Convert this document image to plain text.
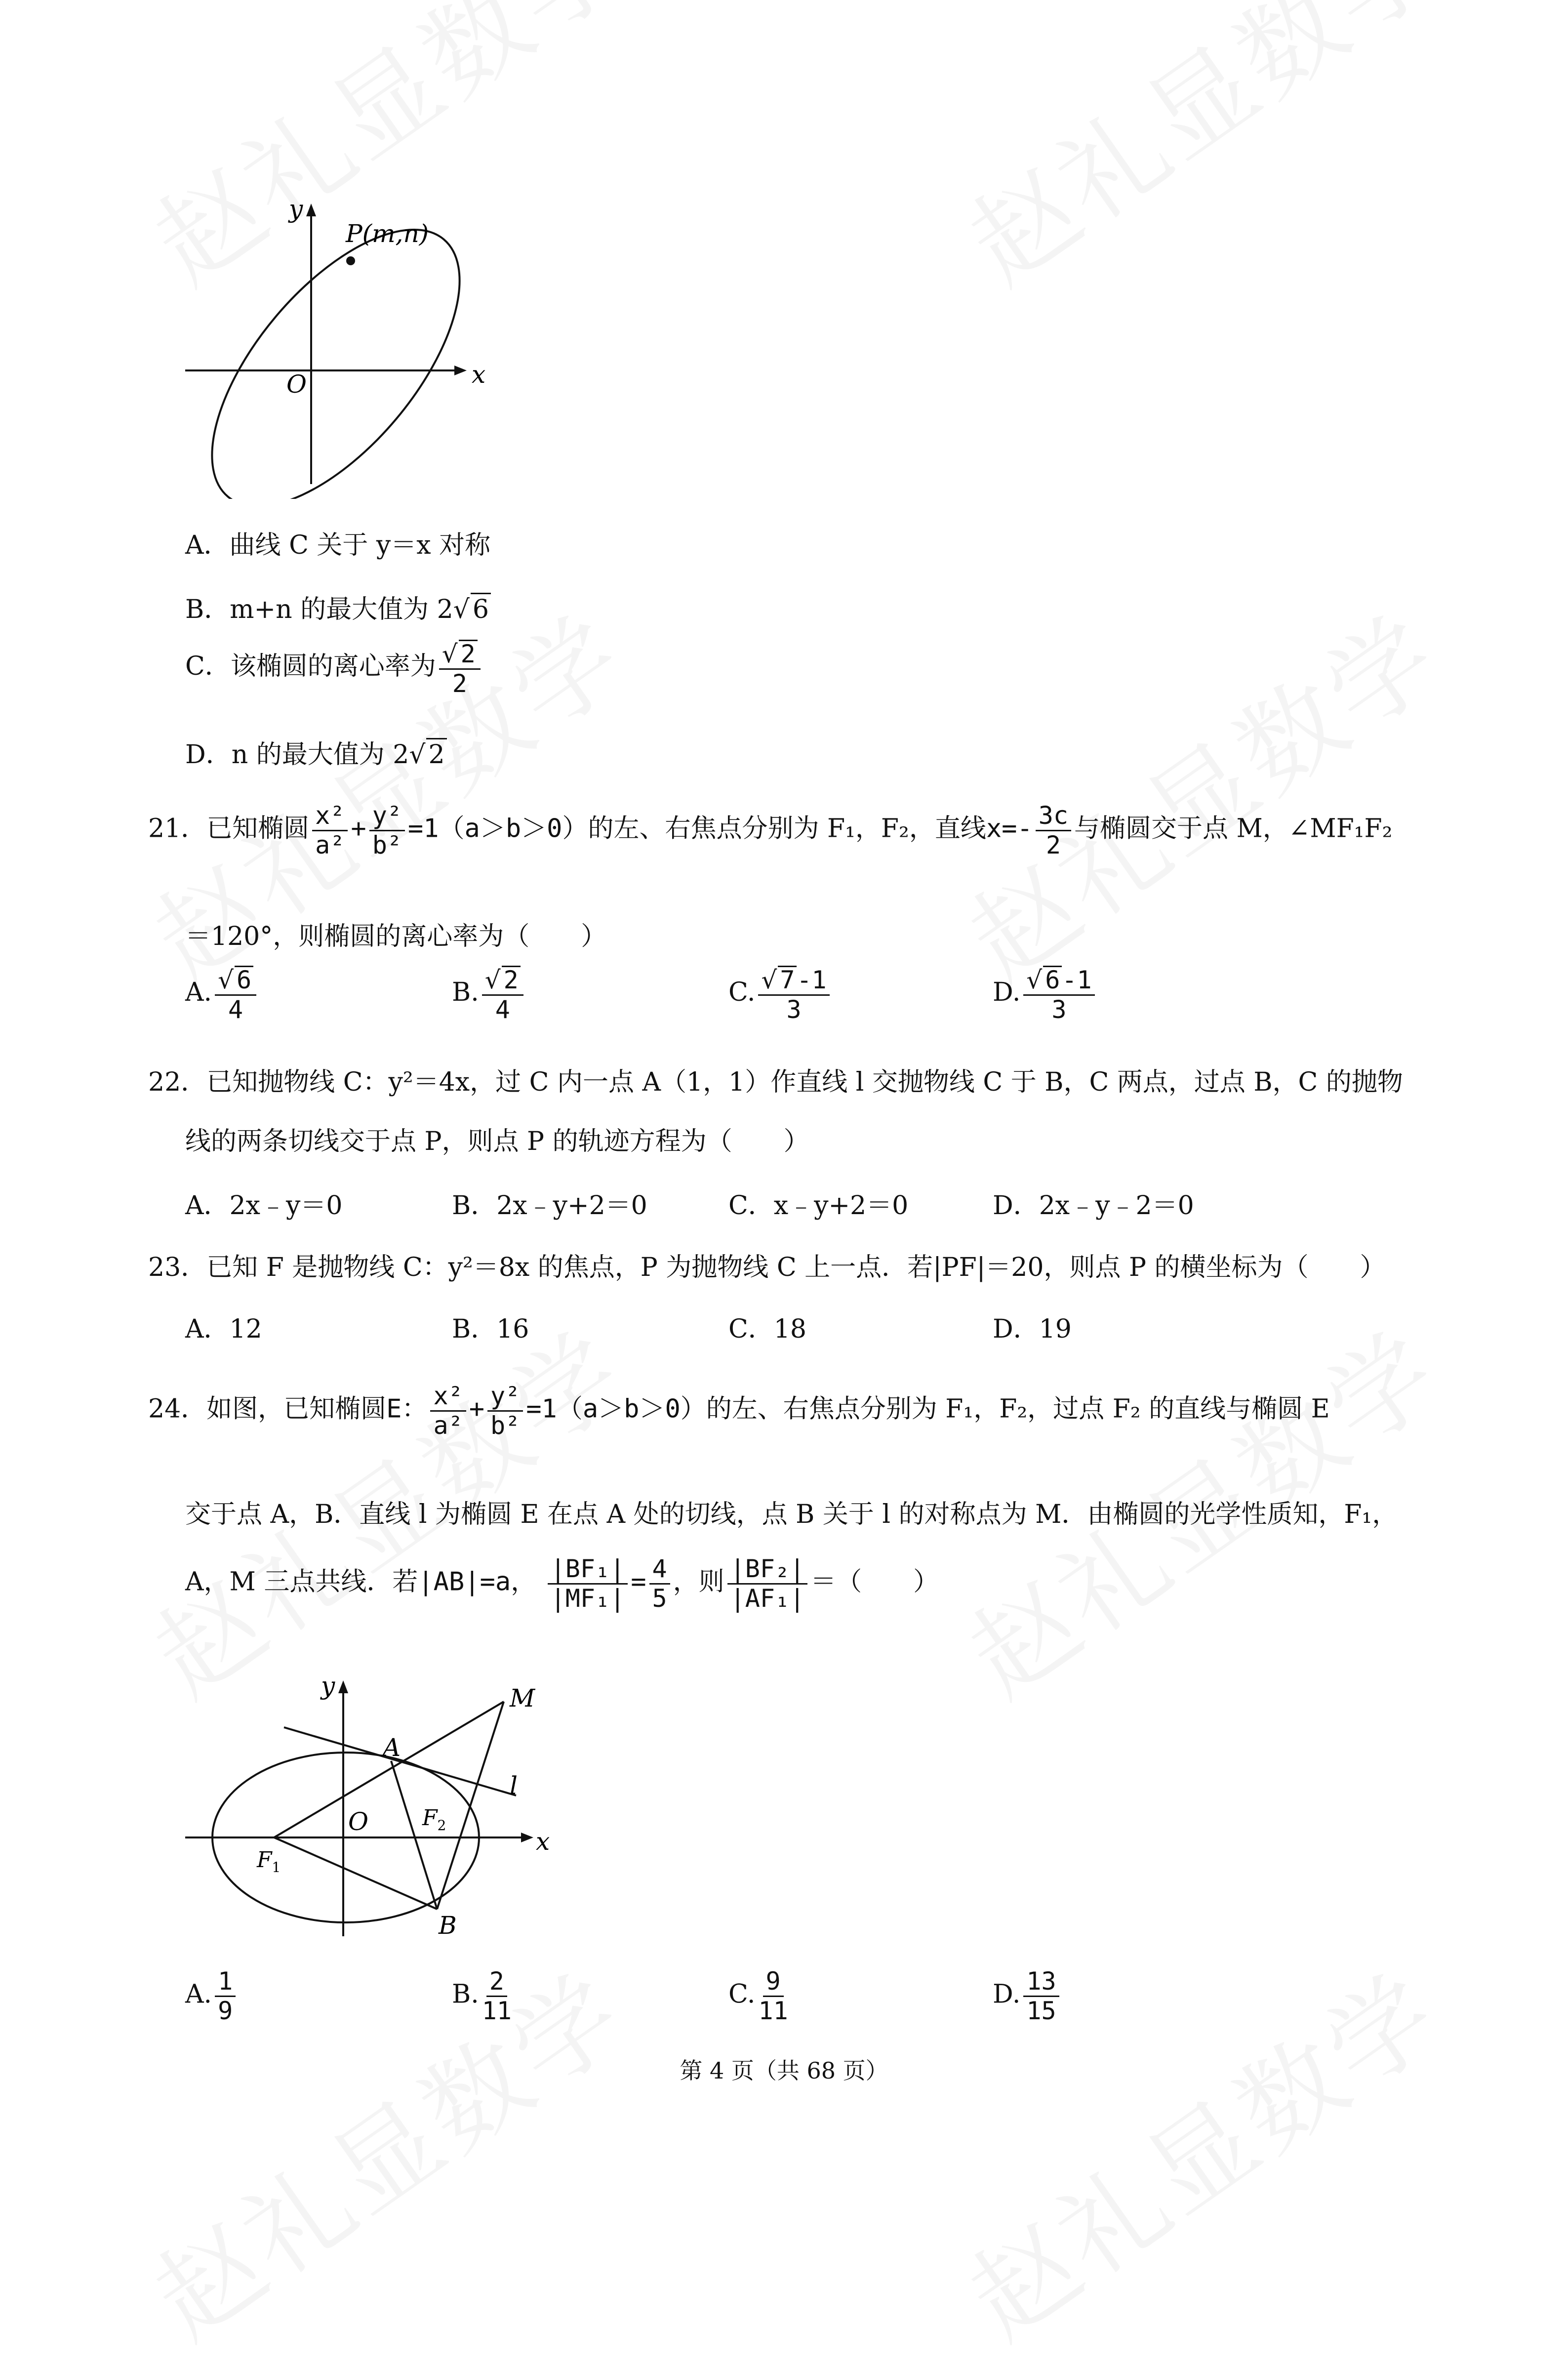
P(m,n)
y
x
O
A．曲线 C 关于 y＝x 对称
B．m+n 的最大值为 2√ 6
C．该椭圆的离心率为 $\frac{√ 2}{2}$
D．n 的最大值为 2√ 2
21．已知椭圆 $\frac{\text{x²}}{\text{a²}} + \frac{\text{y²}}{\text{b²}} =1(a>b>0)$的左、右焦点分别为 F₁，F₂，直线$x=- \frac{3c}{2}$ 与椭圆交于点 M，∠MF₁F₂
＝120°，则椭圆的离心率为（　　）
A. $\frac{√ 6}{4}$	B. $\frac{√ 2}{4}$	C. $\frac{√ 7-1}{3}$	D. $\frac{√ 6-1}{3}$
22．已知抛物线 C：y²＝4x，过 C 内一点 A（1，1）作直线 l 交抛物线 C 于 B，C 两点，过点 B，C 的抛物
线的两条切线交于点 P，则点 P 的轨迹方程为（　　）
A．2x﹣y＝0	B．2x﹣y+2＝0	C．x﹣y+2＝0	D．2x﹣y﹣2＝0
23．已知 F 是抛物线 C：y²＝8x 的焦点，P 为抛物线 C 上一点．若|PF|＝20，则点 P 的横坐标为（　　）
A．12	B．16	C．18	D．19
24．如图，已知椭圆E： $\frac{\text{x²}}{\text{a²}} + \frac{\text{y²}}{\text{b²}} =1(a>b>0)$的左、右焦点分别为 F₁，F₂，过点 F₂ 的直线与椭圆 E
交于点 A，B．直线 l 为椭圆 E 在点 A 处的切线，点 B 关于 l 的对称点为 M．由椭圆的光学性质知，F₁，
A，M 三点共线．若|AB|=a， $\frac{\text{|BF₁|}}{\text{|MF₁|}} = \frac{4}{5}$ ，则 $\frac{\text{|BF₂|}}{\text{|AF₁|}}$ ＝（　　）
M
A
l
$F_2$
$F_1$
B
O
y
x
A. $\frac{1}{9}$	B. $\frac{2}{11}$	C. $\frac{9}{11}$	D. $\frac{13}{15}$
第 4 页（共 68 页）
